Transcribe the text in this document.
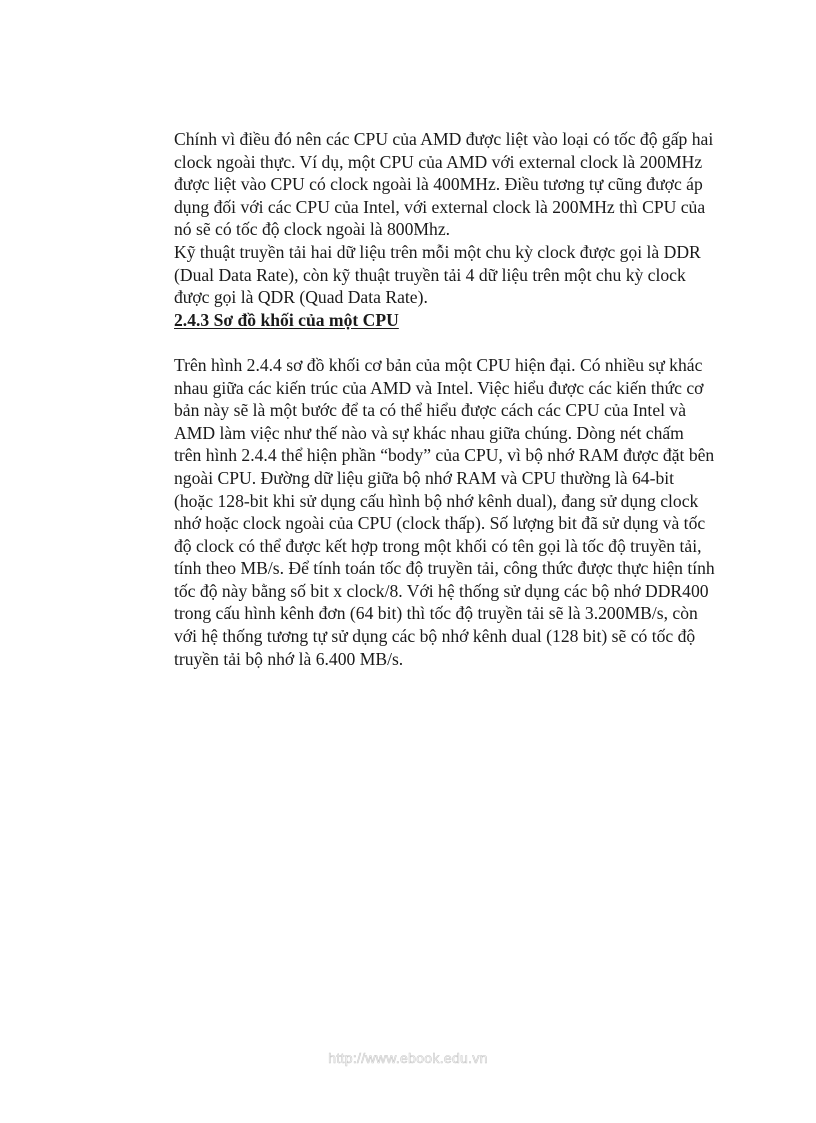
Chính vì điều đó nên các CPU của AMD được liệt vào loại có tốc độ gấp hai
clock ngoài thực. Ví dụ, một CPU của AMD với external clock là 200MHz
được liệt vào CPU có clock ngoài là 400MHz. Điều tương tự cũng được áp
dụng đối với các CPU của Intel, với external clock là 200MHz thì CPU của
nó sẽ có tốc độ clock ngoài là 800Mhz.

Kỹ thuật truyền tải hai dữ liệu trên mỗi một chu kỳ clock được gọi là DDR
(Dual Data Rate), còn kỹ thuật truyền tải 4 dữ liệu trên một chu kỳ clock
được gọi là QDR (Quad Data Rate).

2.4.3 Sơ đồ khối của một CPU

Trên hình 2.4.4 sơ đồ khối cơ bản của một CPU hiện đại. Có nhiều sự khác
nhau giữa các kiến trúc của AMD và Intel. Việc hiểu được các kiến thức cơ
bản này sẽ là một bước để ta có thể hiểu được cách các CPU của Intel và
AMD làm việc như thế nào và sự khác nhau giữa chúng. Dòng nét chấm
trên hình 2.4.4 thể hiện phần “body” của CPU, vì bộ nhớ RAM được đặt bên
ngoài CPU. Đường dữ liệu giữa bộ nhớ RAM và CPU thường là 64-bit
(hoặc 128-bit khi sử dụng cấu hình bộ nhớ kênh dual), đang sử dụng clock
nhớ hoặc clock ngoài của CPU (clock thấp). Số lượng bit đã sử dụng và tốc
độ clock có thể được kết hợp trong một khối có tên gọi là tốc độ truyền tải,
tính theo MB/s. Để tính toán tốc độ truyền tải, công thức được thực hiện tính
tốc độ này bằng số bit x clock/8. Với hệ thống sử dụng các bộ nhớ DDR400
trong cấu hình kênh đơn (64 bit) thì tốc độ truyền tải sẽ là 3.200MB/s, còn
với hệ thống tương tự sử dụng các bộ nhớ kênh dual (128 bit) sẽ có tốc độ
truyền tải bộ nhớ là 6.400 MB/s.

http://www.ebook.edu.vn
